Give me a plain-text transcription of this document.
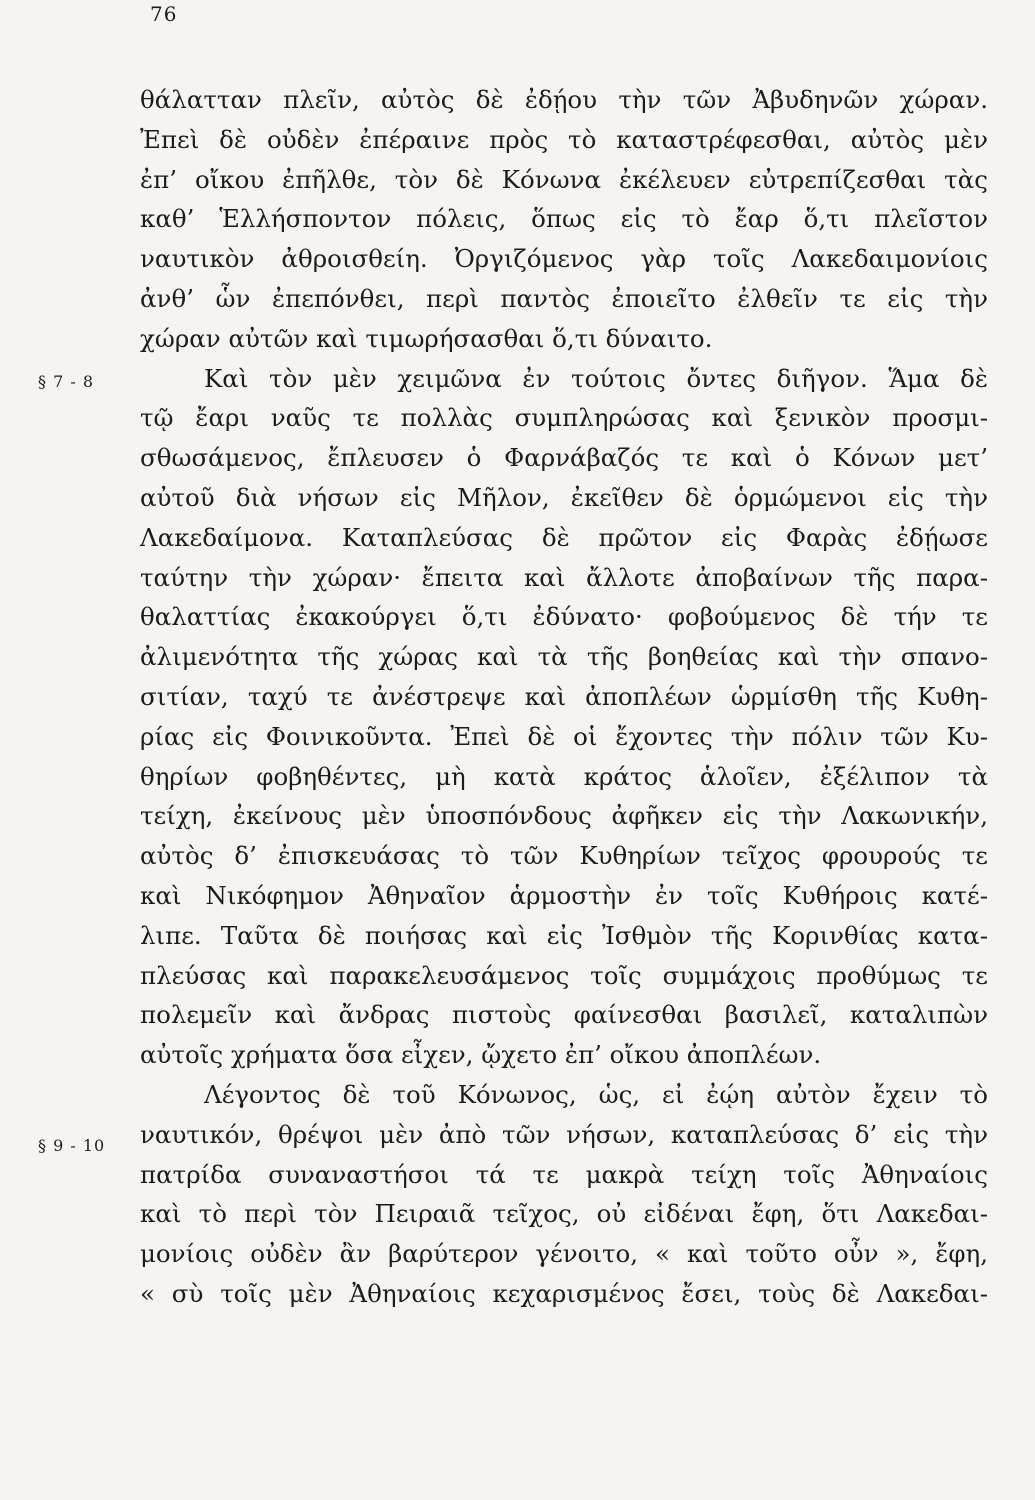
76
§ 7 - 8
§ 9 - 10
θάλατταν πλεῖν, αὐτὸς δὲ ἐδῄου τὴν τῶν Ἀβυδηνῶν χώραν.
Ἐπεὶ δὲ οὐδὲν ἐπέραινε πρὸς τὸ καταστρέφεσθαι, αὐτὸς μὲν
ἐπ’ οἴκου ἐπῆλθε, τὸν δὲ Κόνωνα ἐκέλευεν εὐτρεπίζεσθαι τὰς
καθ’ Ἑλλήσποντον πόλεις, ὅπως εἰς τὸ ἔαρ ὅ,τι πλεῖστον
ναυτικὸν ἀθροισθείη. Ὀργιζόμενος γὰρ τοῖς Λακεδαιμονίοις
ἀνθ’ ὧν ἐπεπόνθει, περὶ παντὸς ἐποιεῖτο ἐλθεῖν τε εἰς τὴν
χώραν αὐτῶν καὶ τιμωρήσασθαι ὅ,τι δύναιτο.
Καὶ τὸν μὲν χειμῶνα ἐν τούτοις ὄντες διῆγον. Ἅμα δὲ
τῷ ἔαρι ναῦς τε πολλὰς συμπληρώσας καὶ ξενικὸν προσμι-
σθωσάμενος, ἔπλευσεν ὁ Φαρνάβαζός τε καὶ ὁ Κόνων μετ’
αὐτοῦ διὰ νήσων εἰς Μῆλον, ἐκεῖθεν δὲ ὁρμώμενοι εἰς τὴν
Λακεδαίμονα. Καταπλεύσας δὲ πρῶτον εἰς Φαρὰς ἐδῄωσε
ταύτην τὴν χώραν· ἔπειτα καὶ ἄλλοτε ἀποβαίνων τῆς παρα-
θαλαττίας ἐκακούργει ὅ,τι ἐδύνατο· φοβούμενος δὲ τήν τε
ἀλιμενότητα τῆς χώρας καὶ τὰ τῆς βοηθείας καὶ τὴν σπανο-
σιτίαν, ταχύ τε ἀνέστρεψε καὶ ἀποπλέων ὡρμίσθη τῆς Κυθη-
ρίας εἰς Φοινικοῦντα. Ἐπεὶ δὲ οἱ ἔχοντες τὴν πόλιν τῶν Κυ-
θηρίων φοβηθέντες, μὴ κατὰ κράτος ἁλοῖεν, ἐξέλιπον τὰ
τείχη, ἐκείνους μὲν ὑποσπόνδους ἀφῆκεν εἰς τὴν Λακωνικήν,
αὐτὸς δ’ ἐπισκευάσας τὸ τῶν Κυθηρίων τεῖχος φρουρούς τε
καὶ Νικόφημον Ἀθηναῖον ἁρμοστὴν ἐν τοῖς Κυθήροις κατέ-
λιπε. Ταῦτα δὲ ποιήσας καὶ εἰς Ἰσθμὸν τῆς Κορινθίας κατα-
πλεύσας καὶ παρακελευσάμενος τοῖς συμμάχοις προθύμως τε
πολεμεῖν καὶ ἄνδρας πιστοὺς φαίνεσθαι βασιλεῖ, καταλιπὼν
αὐτοῖς χρήματα ὅσα εἶχεν, ᾤχετο ἐπ’ οἴκου ἀποπλέων.
Λέγοντος δὲ τοῦ Κόνωνος, ὡς, εἰ ἐῴη αὐτὸν ἔχειν τὸ
ναυτικόν, θρέψοι μὲν ἀπὸ τῶν νήσων, καταπλεύσας δ’ εἰς τὴν
πατρίδα συναναστήσοι τά τε μακρὰ τείχη τοῖς Ἀθηναίοις
καὶ τὸ περὶ τὸν Πειραιᾶ τεῖχος, οὐ εἰδέναι ἔφη, ὅτι Λακεδαι-
μονίοις οὐδὲν ἂν βαρύτερον γένοιτο, « καὶ τοῦτο οὖν », ἔφη,
« σὺ τοῖς μὲν Ἀθηναίοις κεχαρισμένος ἔσει, τοὺς δὲ Λακεδαι-
